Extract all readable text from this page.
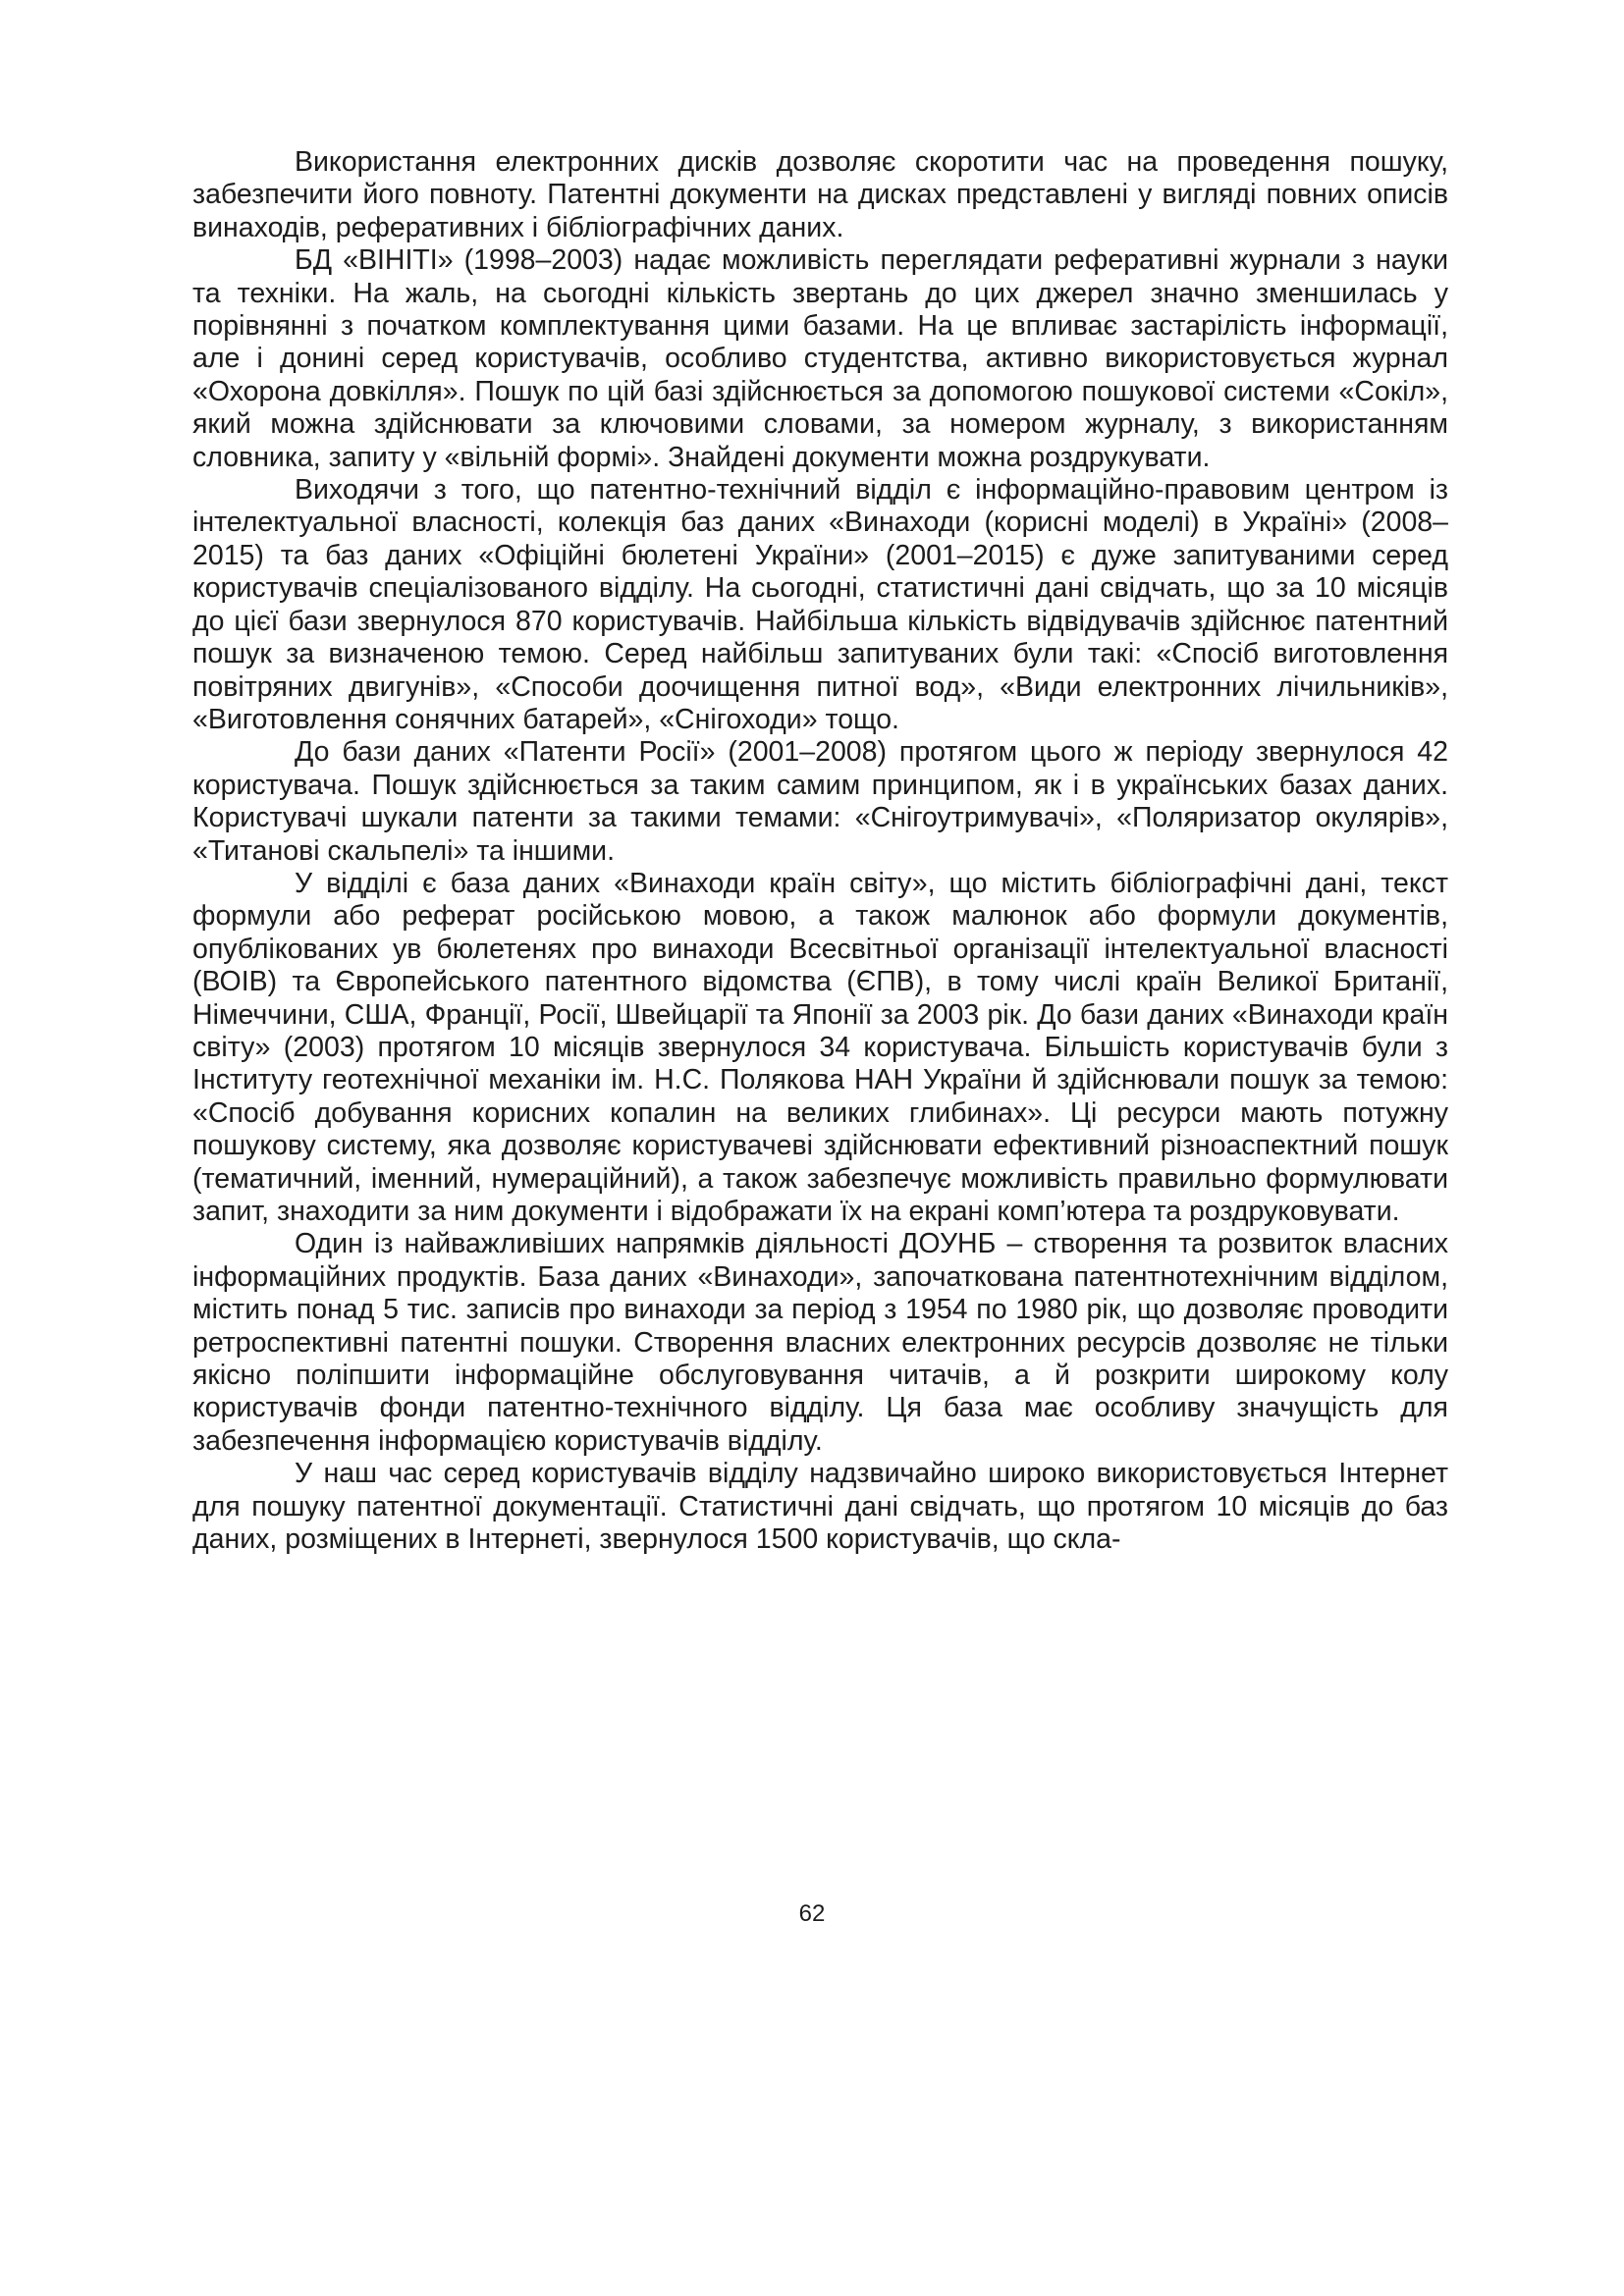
Використання електронних дисків дозволяє скоротити час на проведення пошуку, забезпечити його повноту. Патентні документи на дисках представлені у вигляді повних описів винаходів, реферативних і бібліографічних даних.

БД «ВІНІТІ» (1998–2003) надає можливість переглядати реферативні журнали з науки та техніки. На жаль, на сьогодні кількість звертань до цих джерел значно зменшилась у порівнянні з початком комплектування цими базами. На це впливає застарілість інформації, але і донині серед користувачів, особливо студентства, активно використовується журнал «Охорона довкілля». Пошук по цій базі здійснюється за допомогою пошукової системи «Сокіл», який можна здійснювати за ключовими словами, за номером журналу, з використанням словника, запиту у «вільній формі». Знайдені документи можна роздрукувати.

Виходячи з того, що патентно-технічний відділ є інформаційно-правовим центром із інтелектуальної власності, колекція баз даних «Винаходи (корисні моделі) в Україні» (2008–2015) та баз даних «Офіційні бюлетені України» (2001–2015) є дуже запитуваними серед користувачів спеціалізованого відділу. На сьогодні, статистичні дані свідчать, що за 10 місяців до цієї бази звернулося 870 користувачів. Найбільша кількість відвідувачів здійснює патентний пошук за визначеною темою. Серед найбільш запитуваних були такі: «Спосіб виготовлення повітряних двигунів», «Способи доочищення питної вод», «Види електронних лічильників», «Виготовлення сонячних батарей», «Снігоходи» тощо.

До бази даних «Патенти Росії» (2001–2008) протягом цього ж періоду звернулося 42 користувача. Пошук здійснюється за таким самим принципом, як і в українських базах даних. Користувачі шукали патенти за такими темами: «Снігоутримувачі», «Поляризатор окулярів», «Титанові скальпелі» та іншими.

У відділі є база даних «Винаходи країн світу», що містить бібліографічні дані, текст формули або реферат російською мовою, а також малюнок або формули документів, опублікованих ув бюлетенях про винаходи Всесвітньої організації інтелектуальної власності (ВОІВ) та Європейського патентного відомства (ЄПВ), в тому числі країн Великої Британії, Німеччини, США, Франції, Росії, Швейцарії та Японії за 2003 рік. До бази даних «Винаходи країн світу» (2003) протягом 10 місяців звернулося 34 користувача. Більшість користувачів були з Інституту геотехнічної механіки ім. Н.С. Полякова НАН України й здійснювали пошук за темою: «Спосіб добування корисних копалин на великих глибинах». Ці ресурси мають потужну пошукову систему, яка дозволяє користувачеві здійснювати ефективний різноаспектний пошук (тематичний, іменний, нумераційний), а також забезпечує можливість правильно формулювати запит, знаходити за ним документи і відображати їх на екрані комп’ютера та роздруковувати.

Один із найважливіших напрямків діяльності ДОУНБ – створення та розвиток власних інформаційних продуктів. База даних «Винаходи», започаткована патентнотехнічним відділом, містить понад 5 тис. записів про винаходи за період з 1954 по 1980 рік, що дозволяє проводити ретроспективні патентні пошуки. Створення власних електронних ресурсів дозволяє не тільки якісно поліпшити інформаційне обслуговування читачів, а й розкрити широкому колу користувачів фонди патентно-технічного відділу. Ця база має особливу значущість для забезпечення інформацією користувачів відділу.

У наш час серед користувачів відділу надзвичайно широко використовується Інтернет для пошуку патентної документації. Статистичні дані свідчать, що протягом 10 місяців до баз даних, розміщених в Інтернеті, звернулося 1500 користувачів, що скла-

62
